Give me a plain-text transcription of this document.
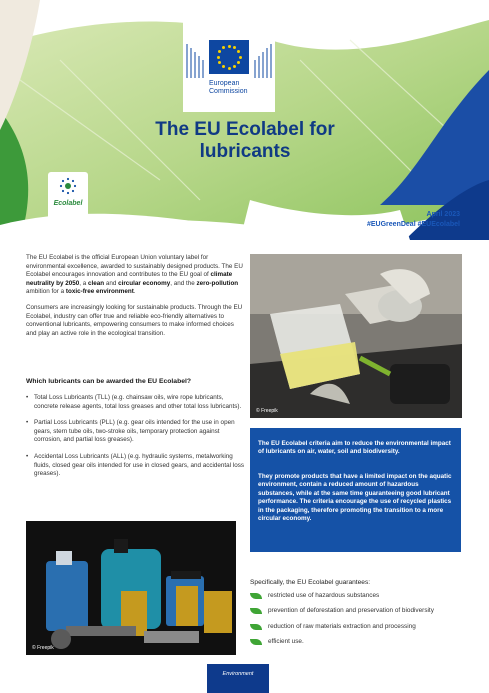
European Commission
The EU Ecolabel for lubricants
Ecolabel
April 2023
#EUGreenDeal #EUEcolabel

The EU Ecolabel is the official European Union voluntary label for environmental excellence, awarded to sustainably designed products. The EU Ecolabel encourages innovation and contributes to the EU goal of climate neutrality by 2050, a clean and circular economy, and the zero-pollution ambition for a toxic-free environment.

Consumers are increasingly looking for sustainable products. Through the EU Ecolabel, industry can offer true and reliable eco-friendly alternatives to conventional lubricants, empowering consumers to make informed choices and play an active role in the ecological transition.

Which lubricants can be awarded the EU Ecolabel?
• Total Loss Lubricants (TLL) (e.g. chainsaw oils, wire rope lubricants, concrete release agents, total loss greases and other total loss lubricants).
• Partial Loss Lubricants (PLL) (e.g. gear oils intended for the use in open gears, stern tube oils, two-stroke oils, temporary protection against corrosion, and partial loss greases).
• Accidental Loss Lubricants (ALL) (e.g. hydraulic systems, metalworking fluids, closed gear oils intended for use in closed gears, and accidental loss greases).
© Freepik

The EU Ecolabel criteria aim to reduce the environmental impact of lubricants on air, water, soil and biodiversity.

They promote products that have a limited impact on the aquatic environment, contain a reduced amount of hazardous substances, while at the same time guaranteeing good lubricant performance. The criteria encourage the use of recycled plastics in the packaging, therefore promoting the transition to a more circular economy.

© Freepik
Specifically, the EU Ecolabel guarantees:
restricted use of hazardous substances
prevention of deforestation and preservation of biodiversity
reduction of raw materials extraction and processing
efficient use.
Environment
